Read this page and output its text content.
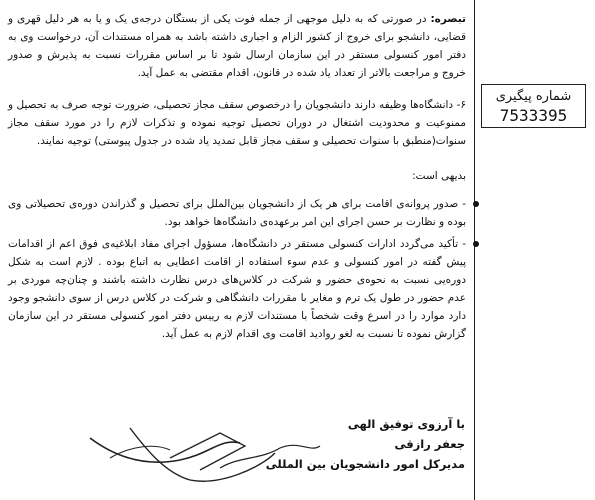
شماره پیگیری
7533395
تبصره: در صورتی که به دلیل موجهی از جمله فوت یکی از بستگان درجه‌ی یک و یا به هر دلیل قهری و قضایی، دانشجو برای خروج از کشور الزام و اجباری داشته باشد به همراه مستندات آن، درخواست وی به دفتر امور کنسولی مستقر در این سازمان ارسال شود تا بر اساس مقررات نسبت به پذیرش و صدور خروج و مراجعت بالاتر از تعداد یاد شده در قانون، اقدام مقتضی به عمل آید.
۶- دانشگاه‌ها وظیفه دارند دانشجویان را درخصوص سقف مجاز تحصیلی، ضرورت توجه صرف به تحصیل و ممنوعیت و محدودیت اشتغال در دوران تحصیل توجیه نموده و تذکرات لازم را در مورد سقف مجاز سنوات(منطبق با سنوات تحصیلی و سقف مجاز قابل تمدید یاد شده در جدول پیوستی) توجیه نمایند.
بدیهی است:
- صدور پروانه‌ی اقامت برای هر یک از دانشجویان بین‌الملل برای تحصیل و گذراندن دوره‌ی تحصیلاتی وی بوده و نظارت بر حسن اجرای این امر برعهده‌ی دانشگاه‌ها خواهد بود.
- تأکید می‌گردد ادارات کنسولی مستقر در دانشگاه‌ها، مسؤول اجرای مفاد ابلاغیه‌ی فوق اعم از اقدامات پیش گفته در امور کنسولی و عدم سوء استفاده از اقامت اعطایی به اتباع بوده . لازم است به شکل دوره‌یی نسبت به نحوه‌ی حضور و شرکت در کلاس‌های درس نظارت داشته باشند و چنان‌چه موردی بر عدم حضور در طول یک ترم و مغایر با مقررات دانشگاهی و شرکت در کلاس درس از سوی دانشجو وجود دارد موارد را در اسرع وقت شخصاً با مستندات لازم به رییس دفتر امور کنسولی مستقر در این سازمان گزارش نموده تا نسبت به لغو روادید اقامت وی اقدام لازم به عمل آید.
با آرزوی توفیق الهی
جعفر رازقی
مدیرکل امور دانشجویان بین المللی
